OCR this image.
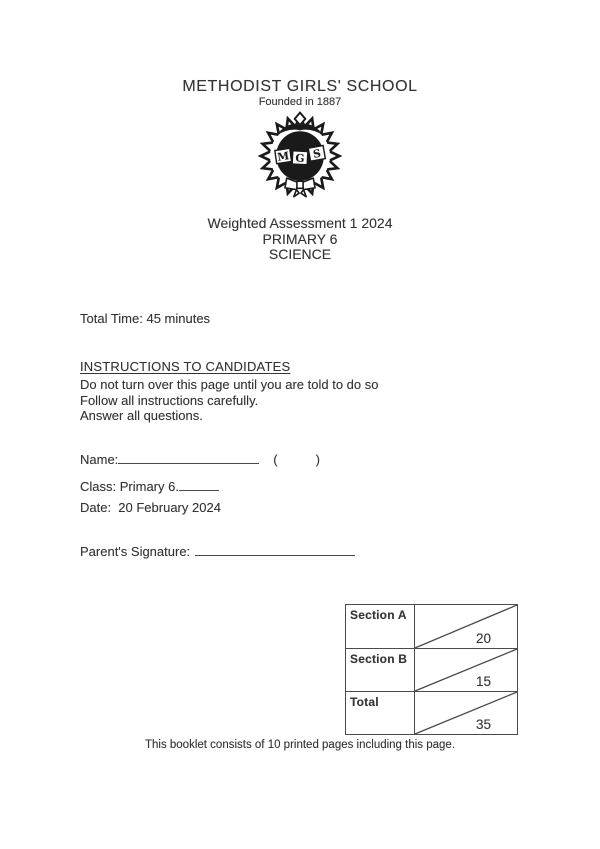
METHODIST GIRLS' SCHOOL
Founded in 1887
M G S
Weighted Assessment 1 2024
PRIMARY 6
SCIENCE
Total Time: 45 minutes
INSTRUCTIONS TO CANDIDATES
Do not turn over this page until you are told to do so
Follow all instructions carefully.
Answer all questions.
Name:	(	)
Class: Primary 6.
Date:  20 February 2024
Parent's Signature:
Section A
20
Section B
15
Total
35
This booklet consists of 10 printed pages including this page.
